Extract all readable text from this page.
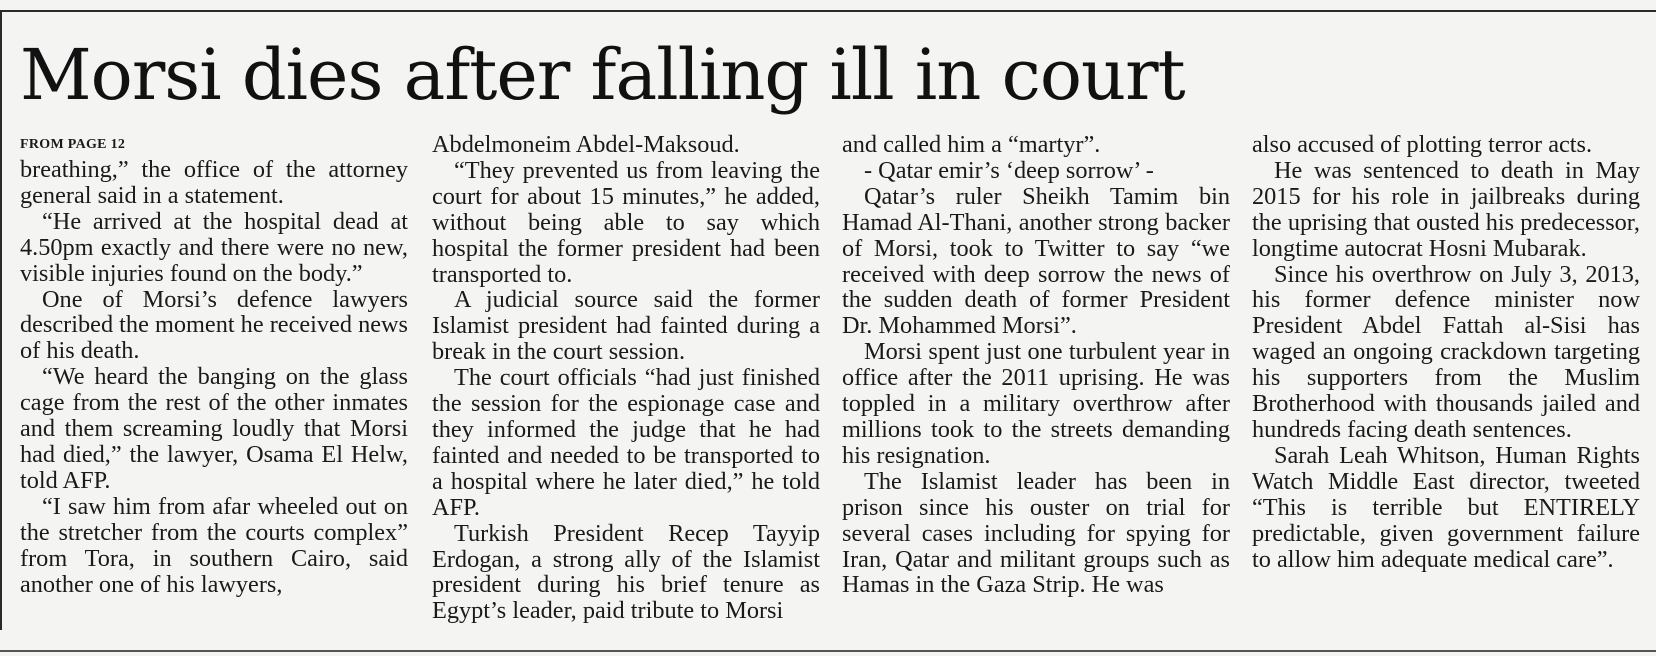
Morsi dies after falling ill in court
FROM PAGE 12

breathing,” the office of the attorney general said in a statement.

“He arrived at the hospital dead at 4.50pm exactly and there were no new, visible injuries found on the body.”

One of Morsi’s defence lawyers described the moment he received news of his death.

“We heard the banging on the glass cage from the rest of the other inmates and them screaming loudly that Morsi had died,” the lawyer, Osama El Helw, told AFP.

“I saw him from afar wheeled out on the stretcher from the courts complex” from Tora, in southern Cairo, said another one of his lawyers,

Abdelmoneim Abdel-Maksoud.

“They prevented us from leaving the court for about 15 minutes,” he added, without being able to say which hospital the former president had been transported to.

A judicial source said the former Islamist president had fainted during a break in the court session.

The court officials “had just finished the session for the espionage case and they informed the judge that he had fainted and needed to be transported to a hospital where he later died,” he told AFP.

Turkish President Recep Tayyip Erdogan, a strong ally of the Islamist president during his brief tenure as Egypt’s leader, paid tribute to Morsi

and called him a “martyr”.

- Qatar emir’s ‘deep sorrow’ -

Qatar’s ruler Sheikh Tamim bin Hamad Al-Thani, another strong backer of Morsi, took to Twitter to say “we received with deep sorrow the news of the sudden death of former President Dr. Mohammed Morsi”.

Morsi spent just one turbulent year in office after the 2011 uprising. He was toppled in a military overthrow after millions took to the streets demanding his resignation.

The Islamist leader has been in prison since his ouster on trial for several cases including for spying for Iran, Qatar and militant groups such as Hamas in the Gaza Strip. He was

also accused of plotting terror acts.

He was sentenced to death in May 2015 for his role in jailbreaks during the uprising that ousted his predecessor, longtime autocrat Hosni Mubarak.

Since his overthrow on July 3, 2013, his former defence minister now President Abdel Fattah al-Sisi has waged an ongoing crackdown targeting his supporters from the Muslim Brotherhood with thousands jailed and hundreds facing death sentences.

Sarah Leah Whitson, Human Rights Watch Middle East director, tweeted “This is terrible but ENTIRELY predictable, given government failure to allow him adequate medical care”.
